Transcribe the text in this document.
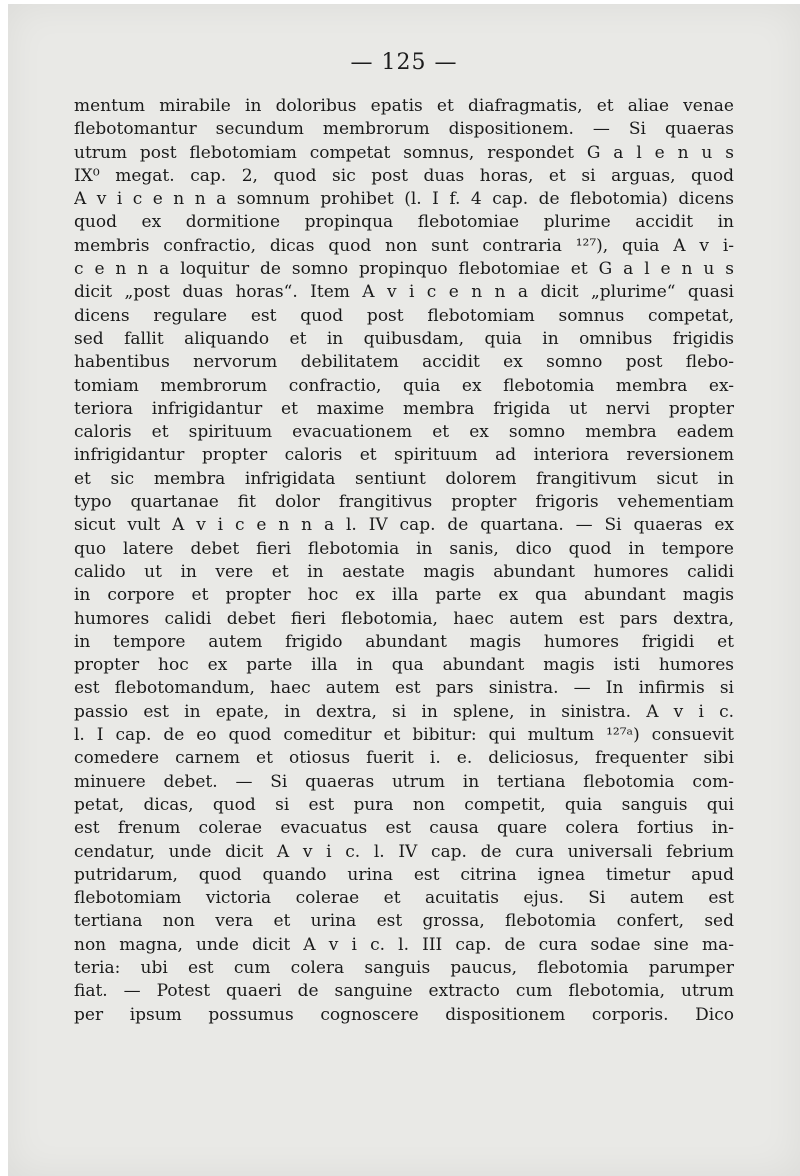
— 125 —
mentum mirabile in doloribus epatis et diafragmatis, et aliae venae
flebotomantur secundum membrorum dispositionem. — Si quaeras
utrum post flebotomiam competat somnus, respondet G a l e n u s
IX⁰ megat. cap. 2, quod sic post duas horas, et si arguas, quod
A v i c e n n a somnum prohibet (l. I f. 4 cap. de flebotomia) dicens
quod ex dormitione propinqua flebotomiae plurime accidit in
membris confractio, dicas quod non sunt contraria ¹²⁷), quia A v i-
c e n n a loquitur de somno propinquo flebotomiae et G a l e n u s
dicit „post duas horas“. Item A v i c e n n a dicit „plurime“ quasi
dicens regulare est quod post flebotomiam somnus competat,
sed fallit aliquando et in quibusdam, quia in omnibus frigidis
habentibus nervorum debilitatem accidit ex somno post flebo-
tomiam membrorum confractio, quia ex flebotomia membra ex-
teriora infrigidantur et maxime membra frigida ut nervi propter
caloris et spirituum evacuationem et ex somno membra eadem
infrigidantur propter caloris et spirituum ad interiora reversionem
et sic membra infrigidata sentiunt dolorem frangitivum sicut in
typo quartanae fit dolor frangitivus propter frigoris vehementiam
sicut vult A v i c e n n a l. IV cap. de quartana. — Si quaeras ex
quo latere debet fieri flebotomia in sanis, dico quod in tempore
calido ut in vere et in aestate magis abundant humores calidi
in corpore et propter hoc ex illa parte ex qua abundant magis
humores calidi debet fieri flebotomia, haec autem est pars dextra,
in tempore autem frigido abundant magis humores frigidi et
propter hoc ex parte illa in qua abundant magis isti humores
est flebotomandum, haec autem est pars sinistra. — In infirmis si
passio est in epate, in dextra, si in splene, in sinistra. A v i c.
l. I cap. de eo quod comeditur et bibitur: qui multum ¹²⁷ᵃ) consuevit
comedere carnem et otiosus fuerit i. e. deliciosus, frequenter sibi
minuere debet. — Si quaeras utrum in tertiana flebotomia com-
petat, dicas, quod si est pura non competit, quia sanguis qui
est frenum colerae evacuatus est causa quare colera fortius in-
cendatur, unde dicit A v i c. l. IV cap. de cura universali febrium
putridarum, quod quando urina est citrina ignea timetur apud
flebotomiam victoria colerae et acuitatis ejus. Si autem est
tertiana non vera et urina est grossa, flebotomia confert, sed
non magna, unde dicit A v i c. l. III cap. de cura sodae sine ma-
teria: ubi est cum colera sanguis paucus, flebotomia parumper
fiat. — Potest quaeri de sanguine extracto cum flebotomia, utrum
per ipsum possumus cognoscere dispositionem corporis. Dico
